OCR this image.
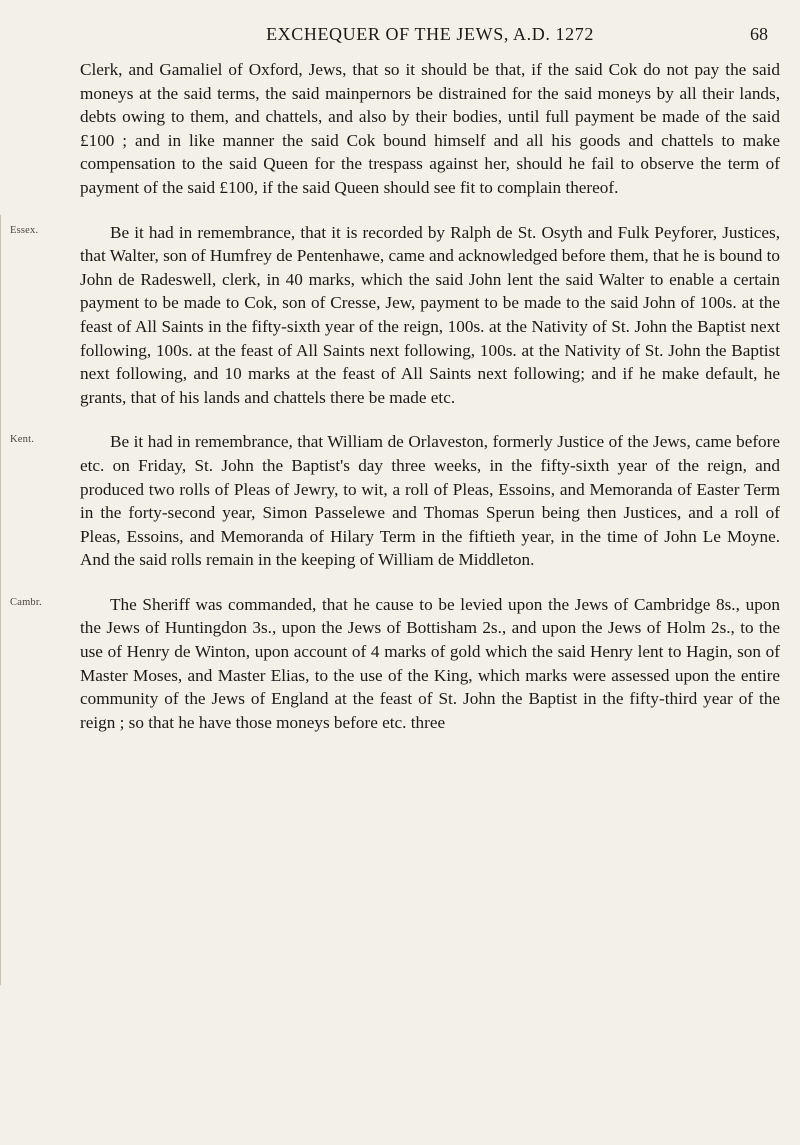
EXCHEQUER OF THE JEWS, A.D. 1272	68

Clerk, and Gamaliel of Oxford, Jews, that so it should be that, if the said Cok do not pay the said moneys at the said terms, the said mainpernors be distrained for the said moneys by all their lands, debts owing to them, and chattels, and also by their bodies, until full payment be made of the said £100 ; and in like manner the said Cok bound himself and all his goods and chattels to make compensation to the said Queen for the trespass against her, should he fail to observe the term of payment of the said £100, if the said Queen should see fit to complain thereof.

Essex.	Be it had in remembrance, that it is recorded by Ralph de St. Osyth and Fulk Peyforer, Justices, that Walter, son of Humfrey de Pentenhawe, came and acknowledged before them, that he is bound to John de Radeswell, clerk, in 40 marks, which the said John lent the said Walter to enable a certain payment to be made to Cok, son of Cresse, Jew, payment to be made to the said John of 100s. at the feast of All Saints in the fifty-sixth year of the reign, 100s. at the Nativity of St. John the Baptist next following, 100s. at the feast of All Saints next following, 100s. at the Nativity of St. John the Baptist next following, and 10 marks at the feast of All Saints next following; and if he make default, he grants, that of his lands and chattels there be made etc.

Kent.	Be it had in remembrance, that William de Orlaveston, formerly Justice of the Jews, came before etc. on Friday, St. John the Baptist's day three weeks, in the fifty-sixth year of the reign, and produced two rolls of Pleas of Jewry, to wit, a roll of Pleas, Essoins, and Memoranda of Easter Term in the forty-second year, Simon Passelewe and Thomas Sperun being then Justices, and a roll of Pleas, Essoins, and Memoranda of Hilary Term in the fiftieth year, in the time of John Le Moyne. And the said rolls remain in the keeping of William de Middleton.

Cambr.	The Sheriff was commanded, that he cause to be levied upon the Jews of Cambridge 8s., upon the Jews of Huntingdon 3s., upon the Jews of Bottisham 2s., and upon the Jews of Holm 2s., to the use of Henry de Winton, upon account of 4 marks of gold which the said Henry lent to Hagin, son of Master Moses, and Master Elias, to the use of the King, which marks were assessed upon the entire community of the Jews of England at the feast of St. John the Baptist in the fifty-third year of the reign ; so that he have those moneys before etc. three
